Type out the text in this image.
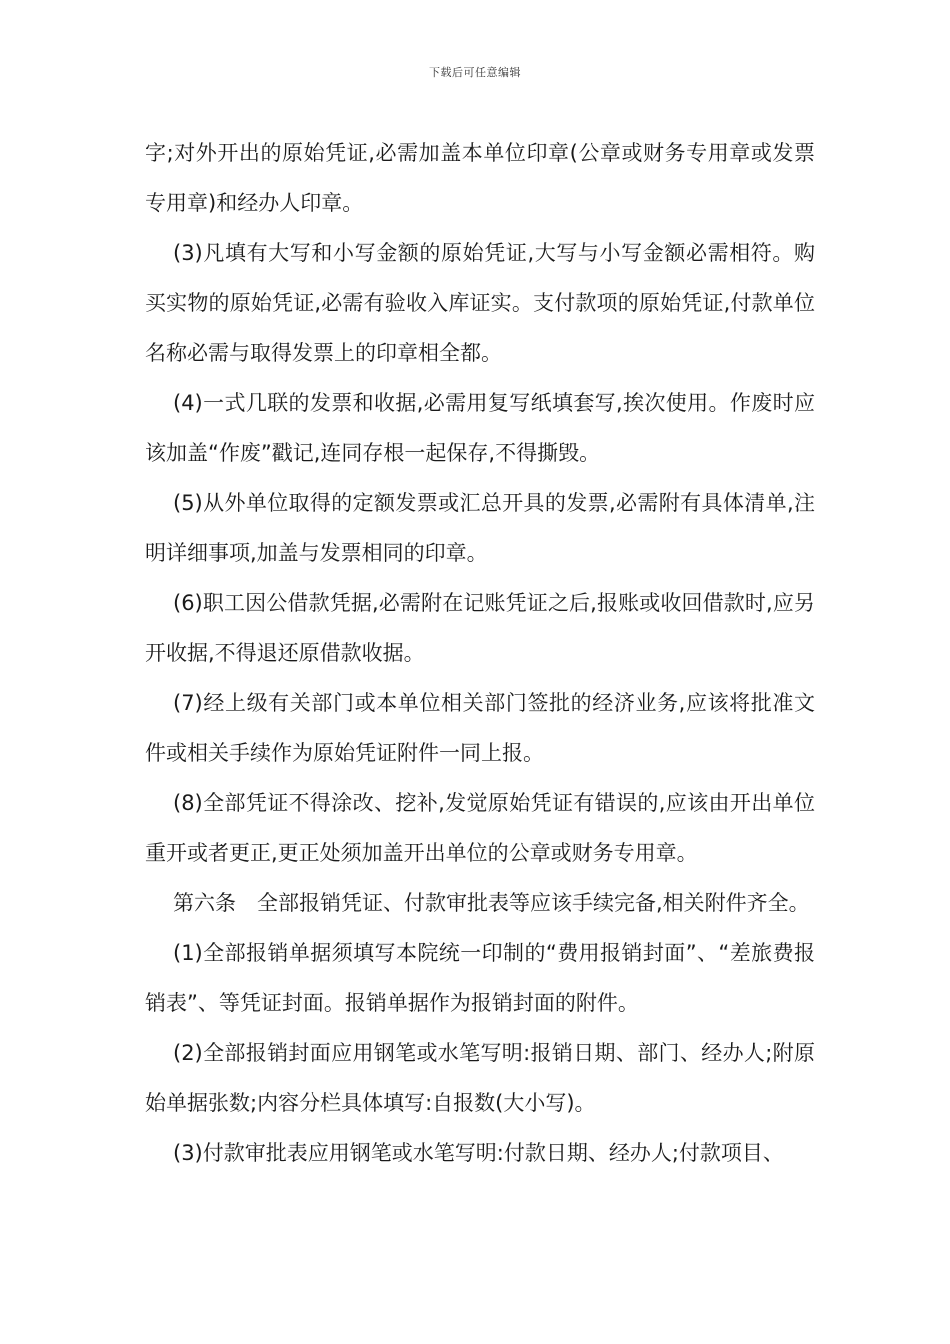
下载后可任意编辑

字;对外开出的原始凭证,必需加盖本单位印章(公章或财务专用章或发票专用章)和经办人印章。

(3)凡填有大写和小写金额的原始凭证,大写与小写金额必需相符。购买实物的原始凭证,必需有验收入库证实。支付款项的原始凭证,付款单位名称必需与取得发票上的印章相全都。

(4)一式几联的发票和收据,必需用复写纸填套写,挨次使用。作废时应该加盖“作废”戳记,连同存根一起保存,不得撕毁。

(5)从外单位取得的定额发票或汇总开具的发票,必需附有具体清单,注明详细事项,加盖与发票相同的印章。

(6)职工因公借款凭据,必需附在记账凭证之后,报账或收回借款时,应另开收据,不得退还原借款收据。

(7)经上级有关部门或本单位相关部门签批的经济业务,应该将批准文件或相关手续作为原始凭证附件一同上报。

(8)全部凭证不得涂改、挖补,发觉原始凭证有错误的,应该由开出单位重开或者更正,更正处须加盖开出单位的公章或财务专用章。

第六条　全部报销凭证、付款审批表等应该手续完备,相关附件齐全。

(1)全部报销单据须填写本院统一印制的“费用报销封面”、“差旅费报销表”、等凭证封面。报销单据作为报销封面的附件。

(2)全部报销封面应用钢笔或水笔写明:报销日期、部门、经办人;附原始单据张数;内容分栏具体填写:自报数(大小写)。

(3)付款审批表应用钢笔或水笔写明:付款日期、经办人;付款项目、
